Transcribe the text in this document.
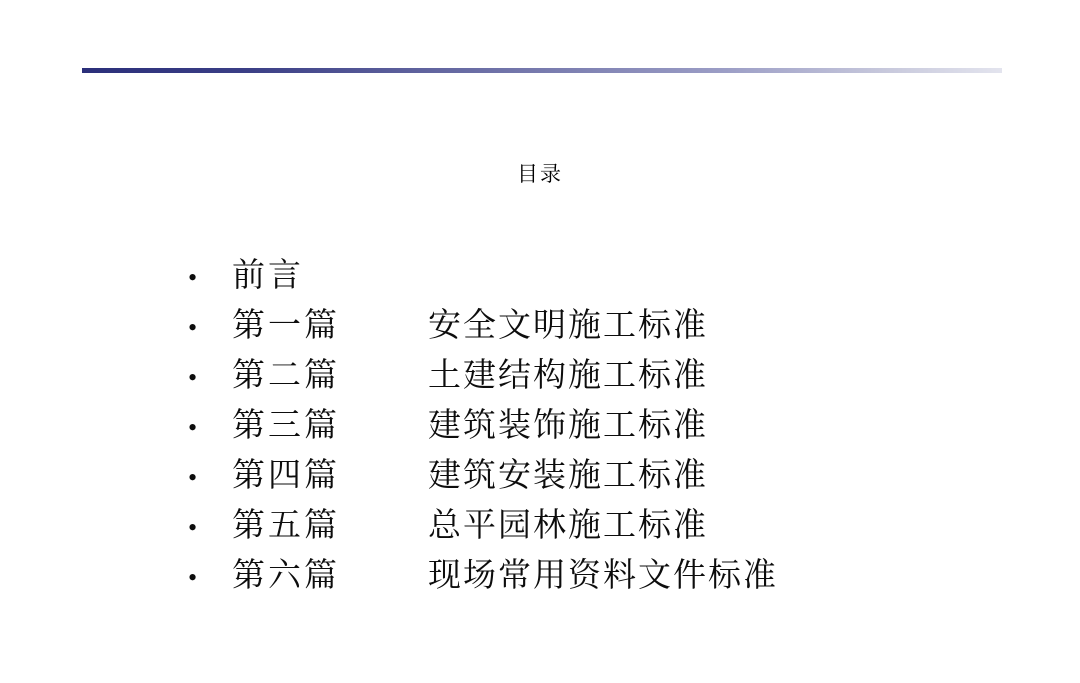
目录
•	前言
•	第一篇	安全文明施工标准
•	第二篇	土建结构施工标准
•	第三篇	建筑装饰施工标准
•	第四篇	建筑安装施工标准
•	第五篇	总平园林施工标准
•	第六篇	现场常用资料文件标准
